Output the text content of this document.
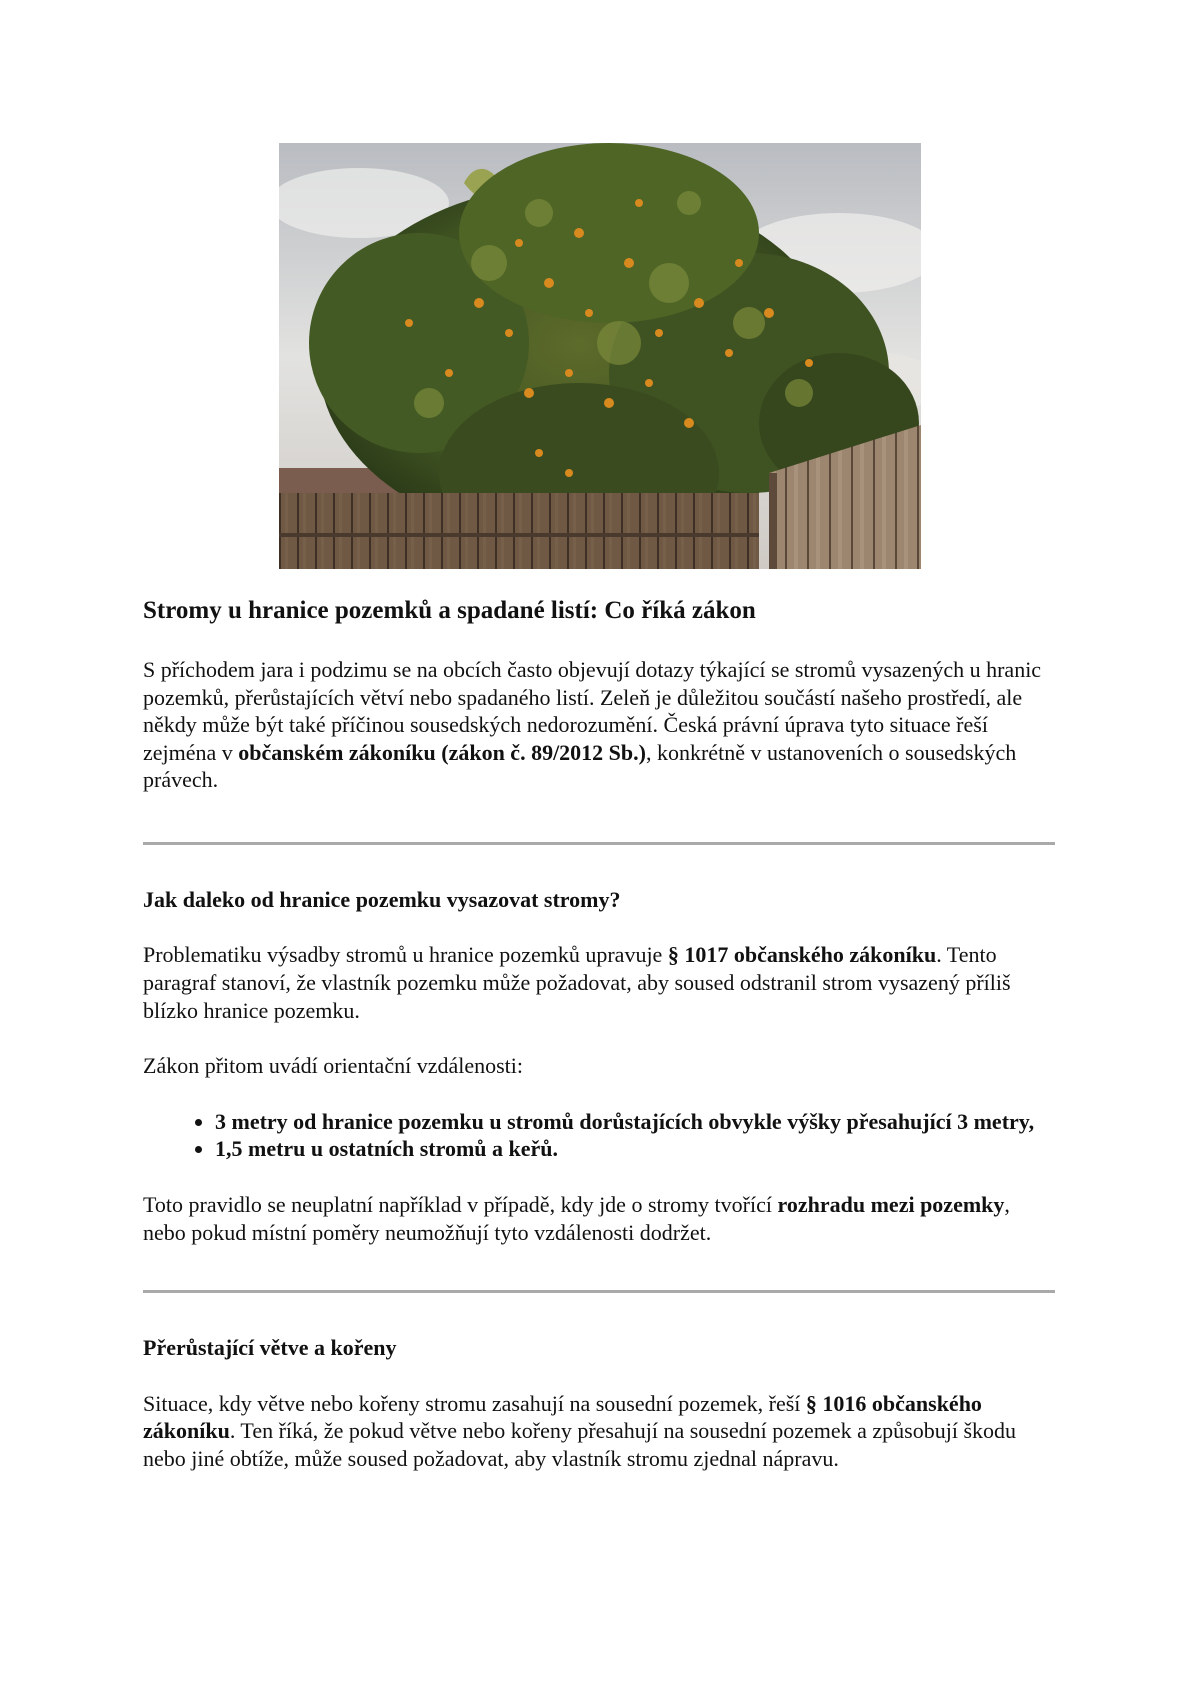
Stromy u hranice pozemků a spadané listí: Co říká zákon

S příchodem jara i podzimu se na obcích často objevují dotazy týkající se stromů vysazených u hranic pozemků, přerůstajících větví nebo spadaného listí. Zeleň je důležitou součástí našeho prostředí, ale někdy může být také příčinou sousedských nedorozumění. Česká právní úprava tyto situace řeší zejména v občanském zákoníku (zákon č. 89/2012 Sb.), konkrétně v ustanoveních o sousedských právech.

Jak daleko od hranice pozemku vysazovat stromy?

Problematiku výsadby stromů u hranice pozemků upravuje § 1017 občanského zákoníku. Tento paragraf stanoví, že vlastník pozemku může požadovat, aby soused odstranil strom vysazený příliš blízko hranice pozemku.

Zákon přitom uvádí orientační vzdálenosti:

• 3 metry od hranice pozemku u stromů dorůstajících obvykle výšky přesahující 3 metry,
• 1,5 metru u ostatních stromů a keřů.

Toto pravidlo se neuplatní například v případě, kdy jde o stromy tvořící rozhradu mezi pozemky, nebo pokud místní poměry neumožňují tyto vzdálenosti dodržet.

Přerůstající větve a kořeny

Situace, kdy větve nebo kořeny stromu zasahují na sousední pozemek, řeší § 1016 občanského zákoníku. Ten říká, že pokud větve nebo kořeny přesahují na sousední pozemek a způsobují škodu nebo jiné obtíže, může soused požadovat, aby vlastník stromu zjednal nápravu.
